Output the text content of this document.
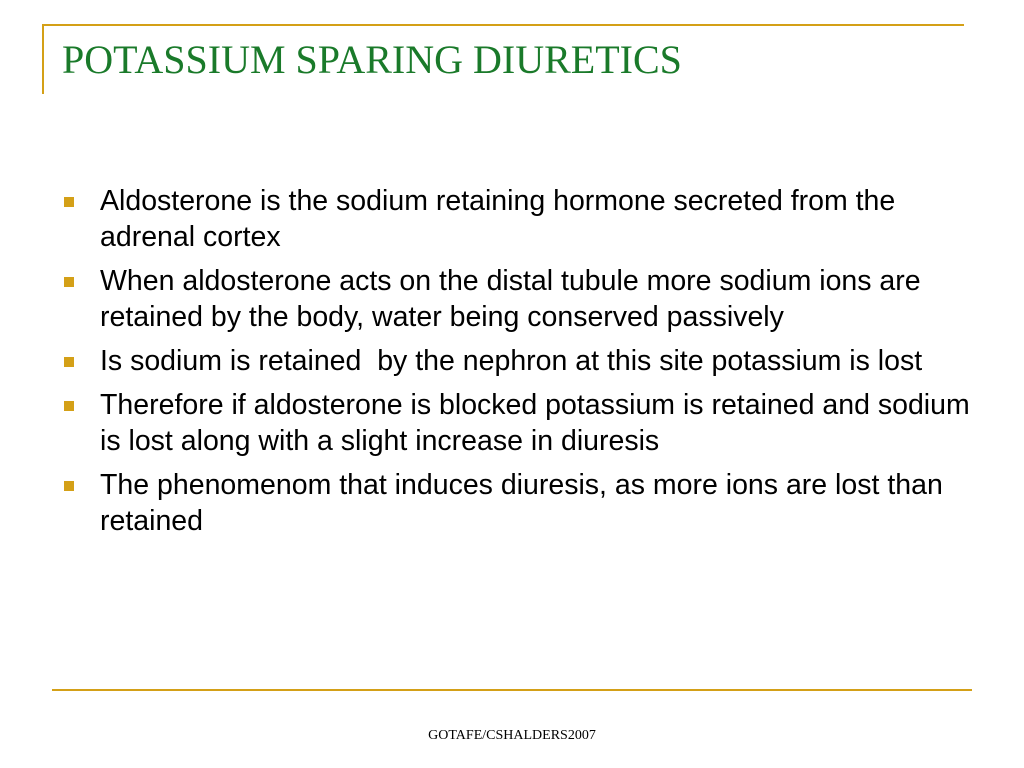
POTASSIUM SPARING DIURETICS
Aldosterone is the sodium retaining hormone secreted from the adrenal cortex
When aldosterone acts on the distal tubule more sodium ions are retained by the body, water being conserved passively
Is sodium is retained  by the nephron at this site potassium is lost
Therefore if aldosterone is blocked potassium is retained and sodium is lost along with a slight increase in diuresis
The phenomenom that induces diuresis, as more ions are lost than retained
GOTAFE/CSHALDERS2007
